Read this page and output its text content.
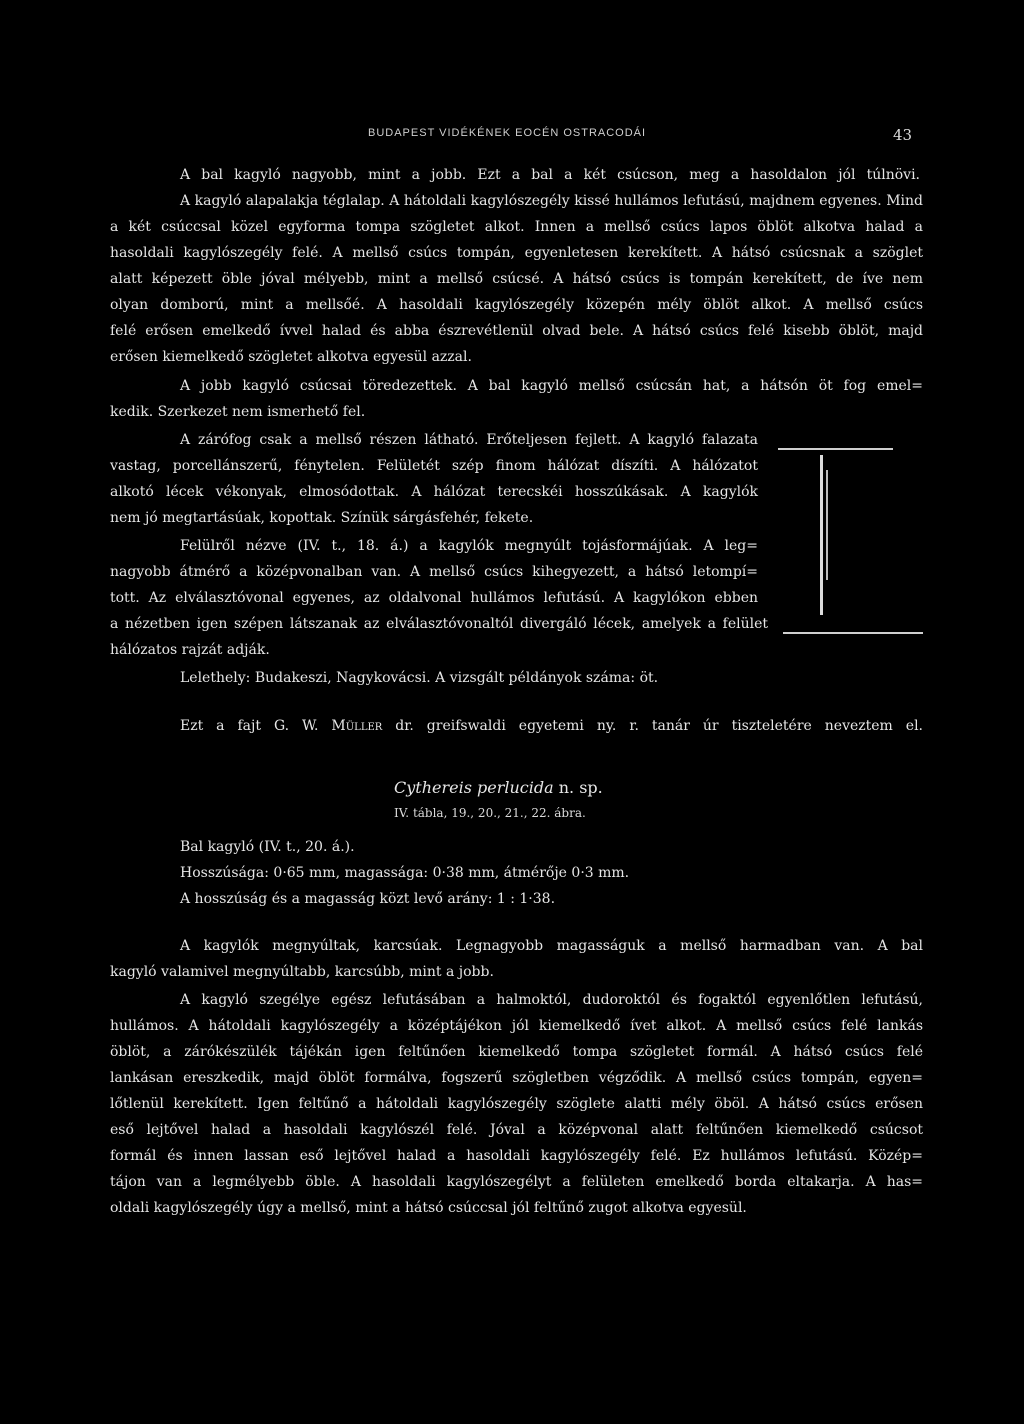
BUDAPEST VIDÉKÉNEK EOCÉN OSTRACODÁI	43
A bal kagyló nagyobb, mint a jobb. Ezt a bal a két csúcson, meg a hasoldalon jól túlnövi.
A kagyló alapalakja téglalap. A hátoldali kagylószegély kissé hullámos lefutású, majdnem egyenes. Mind
a két csúccsal közel egyforma tompa szögletet alkot. Innen a mellső csúcs lapos öblöt alkotva halad a
hasoldali kagylószegély felé. A mellső csúcs tompán, egyenletesen kerekített. A hátsó csúcsnak a szöglet
alatt képezett öble jóval mélyebb, mint a mellső csúcsé. A hátsó csúcs is tompán kerekített, de íve nem
olyan domború, mint a mellsőé. A hasoldali kagylószegély közepén mély öblöt alkot. A mellső csúcs
felé erősen emelkedő ívvel halad és abba észrevétlenül olvad bele. A hátsó csúcs felé kisebb öblöt, majd
erősen kiemelkedő szögletet alkotva egyesül azzal.
A jobb kagyló csúcsai töredezettek. A bal kagyló mellső csúcsán hat, a hátsón öt fog emel=
kedik. Szerkezet nem ismerhető fel.
A zárófog csak a mellső részen látható. Erőteljesen fejlett. A kagyló falazata
vastag, porcellánszerű, fénytelen. Felületét szép finom hálózat díszíti. A hálózatot
alkotó lécek vékonyak, elmosódottak. A hálózat terecskéi hosszúkásak. A kagylók
nem jó megtartásúak, kopottak. Színük sárgásfehér, fekete.
Felülről nézve (IV. t., 18. á.) a kagylók megnyúlt tojásformájúak. A leg=
nagyobb átmérő a középvonalban van. A mellső csúcs kihegyezett, a hátsó letompí=
tott. Az elválasztóvonal egyenes, az oldalvonal hullámos lefutású. A kagylókon ebben
a nézetben igen szépen látszanak az elválasztóvonaltól divergáló lécek, amelyek a felület
hálózatos rajzát adják.
Lelethely: Budakeszi, Nagykovácsi. A vizsgált példányok száma: öt.
Ezt a fajt G. W. Müller dr. greifswaldi egyetemi ny. r. tanár úr tiszteletére neveztem el.
Cythereis perlucida n. sp.
IV. tábla, 19., 20., 21., 22. ábra.
Bal kagyló (IV. t., 20. á.).
Hosszúsága: 0·65 mm, magassága: 0·38 mm, átmérője 0·3 mm.
A hosszúság és a magasság közt levő arány: 1 : 1·38.
A kagylók megnyúltak, karcsúak. Legnagyobb magasságuk a mellső harmadban van. A bal
kagyló valamivel megnyúltabb, karcsúbb, mint a jobb.
A kagyló szegélye egész lefutásában a halmoktól, dudoroktól és fogaktól egyenlőtlen lefutású,
hullámos. A hátoldali kagylószegély a középtájékon jól kiemelkedő ívet alkot. A mellső csúcs felé lankás
öblöt, a zárókészülék tájékán igen feltűnően kiemelkedő tompa szögletet formál. A hátsó csúcs felé
lankásan ereszkedik, majd öblöt formálva, fogszerű szögletben végződik. A mellső csúcs tompán, egyen=
lőtlenül kerekített. Igen feltűnő a hátoldali kagylószegély szöglete alatti mély öböl. A hátsó csúcs erősen
eső lejtővel halad a hasoldali kagylószél felé. Jóval a középvonal alatt feltűnően kiemelkedő csúcsot
formál és innen lassan eső lejtővel halad a hasoldali kagylószegély felé. Ez hullámos lefutású. Közép=
tájon van a legmélyebb öble. A hasoldali kagylószegélyt a felületen emelkedő borda eltakarja. A has=
oldali kagylószegély úgy a mellső, mint a hátsó csúccsal jól feltűnő zugot alkotva egyesül.
